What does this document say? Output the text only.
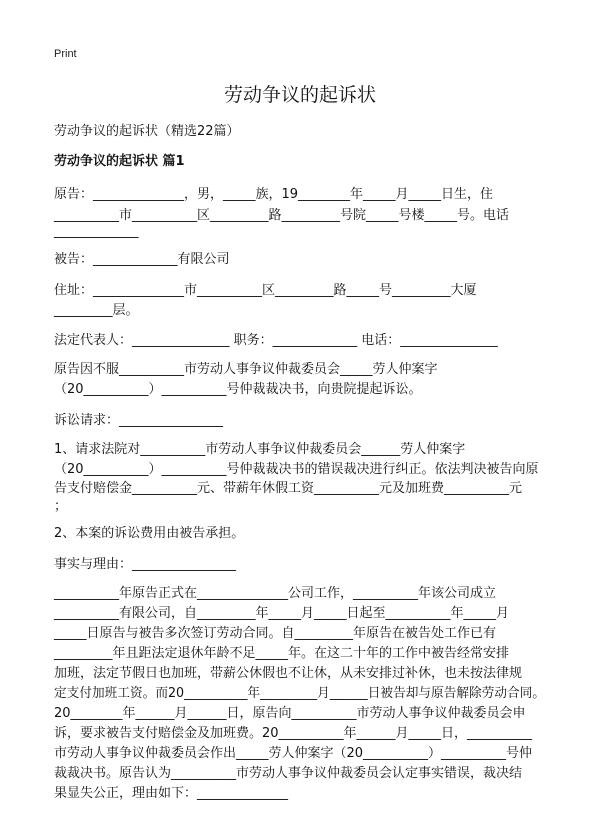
Print
劳动争议的起诉状
劳动争议的起诉状（精选22篇）
劳动争议的起诉状 篇1
原告：______________，男，_____族，19________年_____月_____日生，住
__________市__________区_________路_________号院_____号楼_____号。电话
_____________
被告：_____________有限公司
住址：______________市__________区_________路_____号_________大厦
_________层。
法定代表人：_______________ 职务：_____________ 电话：_______________
原告因不服__________市劳动人事争议仲裁委员会_____劳人仲案字
（20__________）__________号仲裁裁决书，向贵院提起诉讼。
诉讼请求：________________
1、请求法院对__________市劳动人事争议仲裁委员会______劳人仲案字
（20__________）__________号仲裁裁决书的错误裁决进行纠正。依法判决被告向原
告支付赔偿金__________元、带薪年休假工资__________元及加班费__________元
；
2、本案的诉讼费用由被告承担。
事实与理由：________________
__________年原告正式在______________公司工作，__________年该公司成立
__________有限公司，自_________年_____月_____日起至__________年_____月
_____日原告与被告多次签订劳动合同。自_________年原告在被告处工作已有
_________年且距法定退休年龄不足_____年。在这二十年的工作中被告经常安排
加班，法定节假日也加班，带薪公休假也不让休，从未安排过补休，也未按法律规
定支付加班工资。而20__________年_________月______日被告却与原告解除劳动合同。
20________年______月______日，原告向__________市劳动人事争议仲裁委员会申
诉，要求被告支付赔偿金及加班费。20__________年______月_____日，__________
市劳动人事争议仲裁委员会作出_____劳人仲案字（20__________）__________号仲
裁裁决书。原告认为__________市劳动人事争议仲裁委员会认定事实错误，裁决结
果显失公正，理由如下：______________
